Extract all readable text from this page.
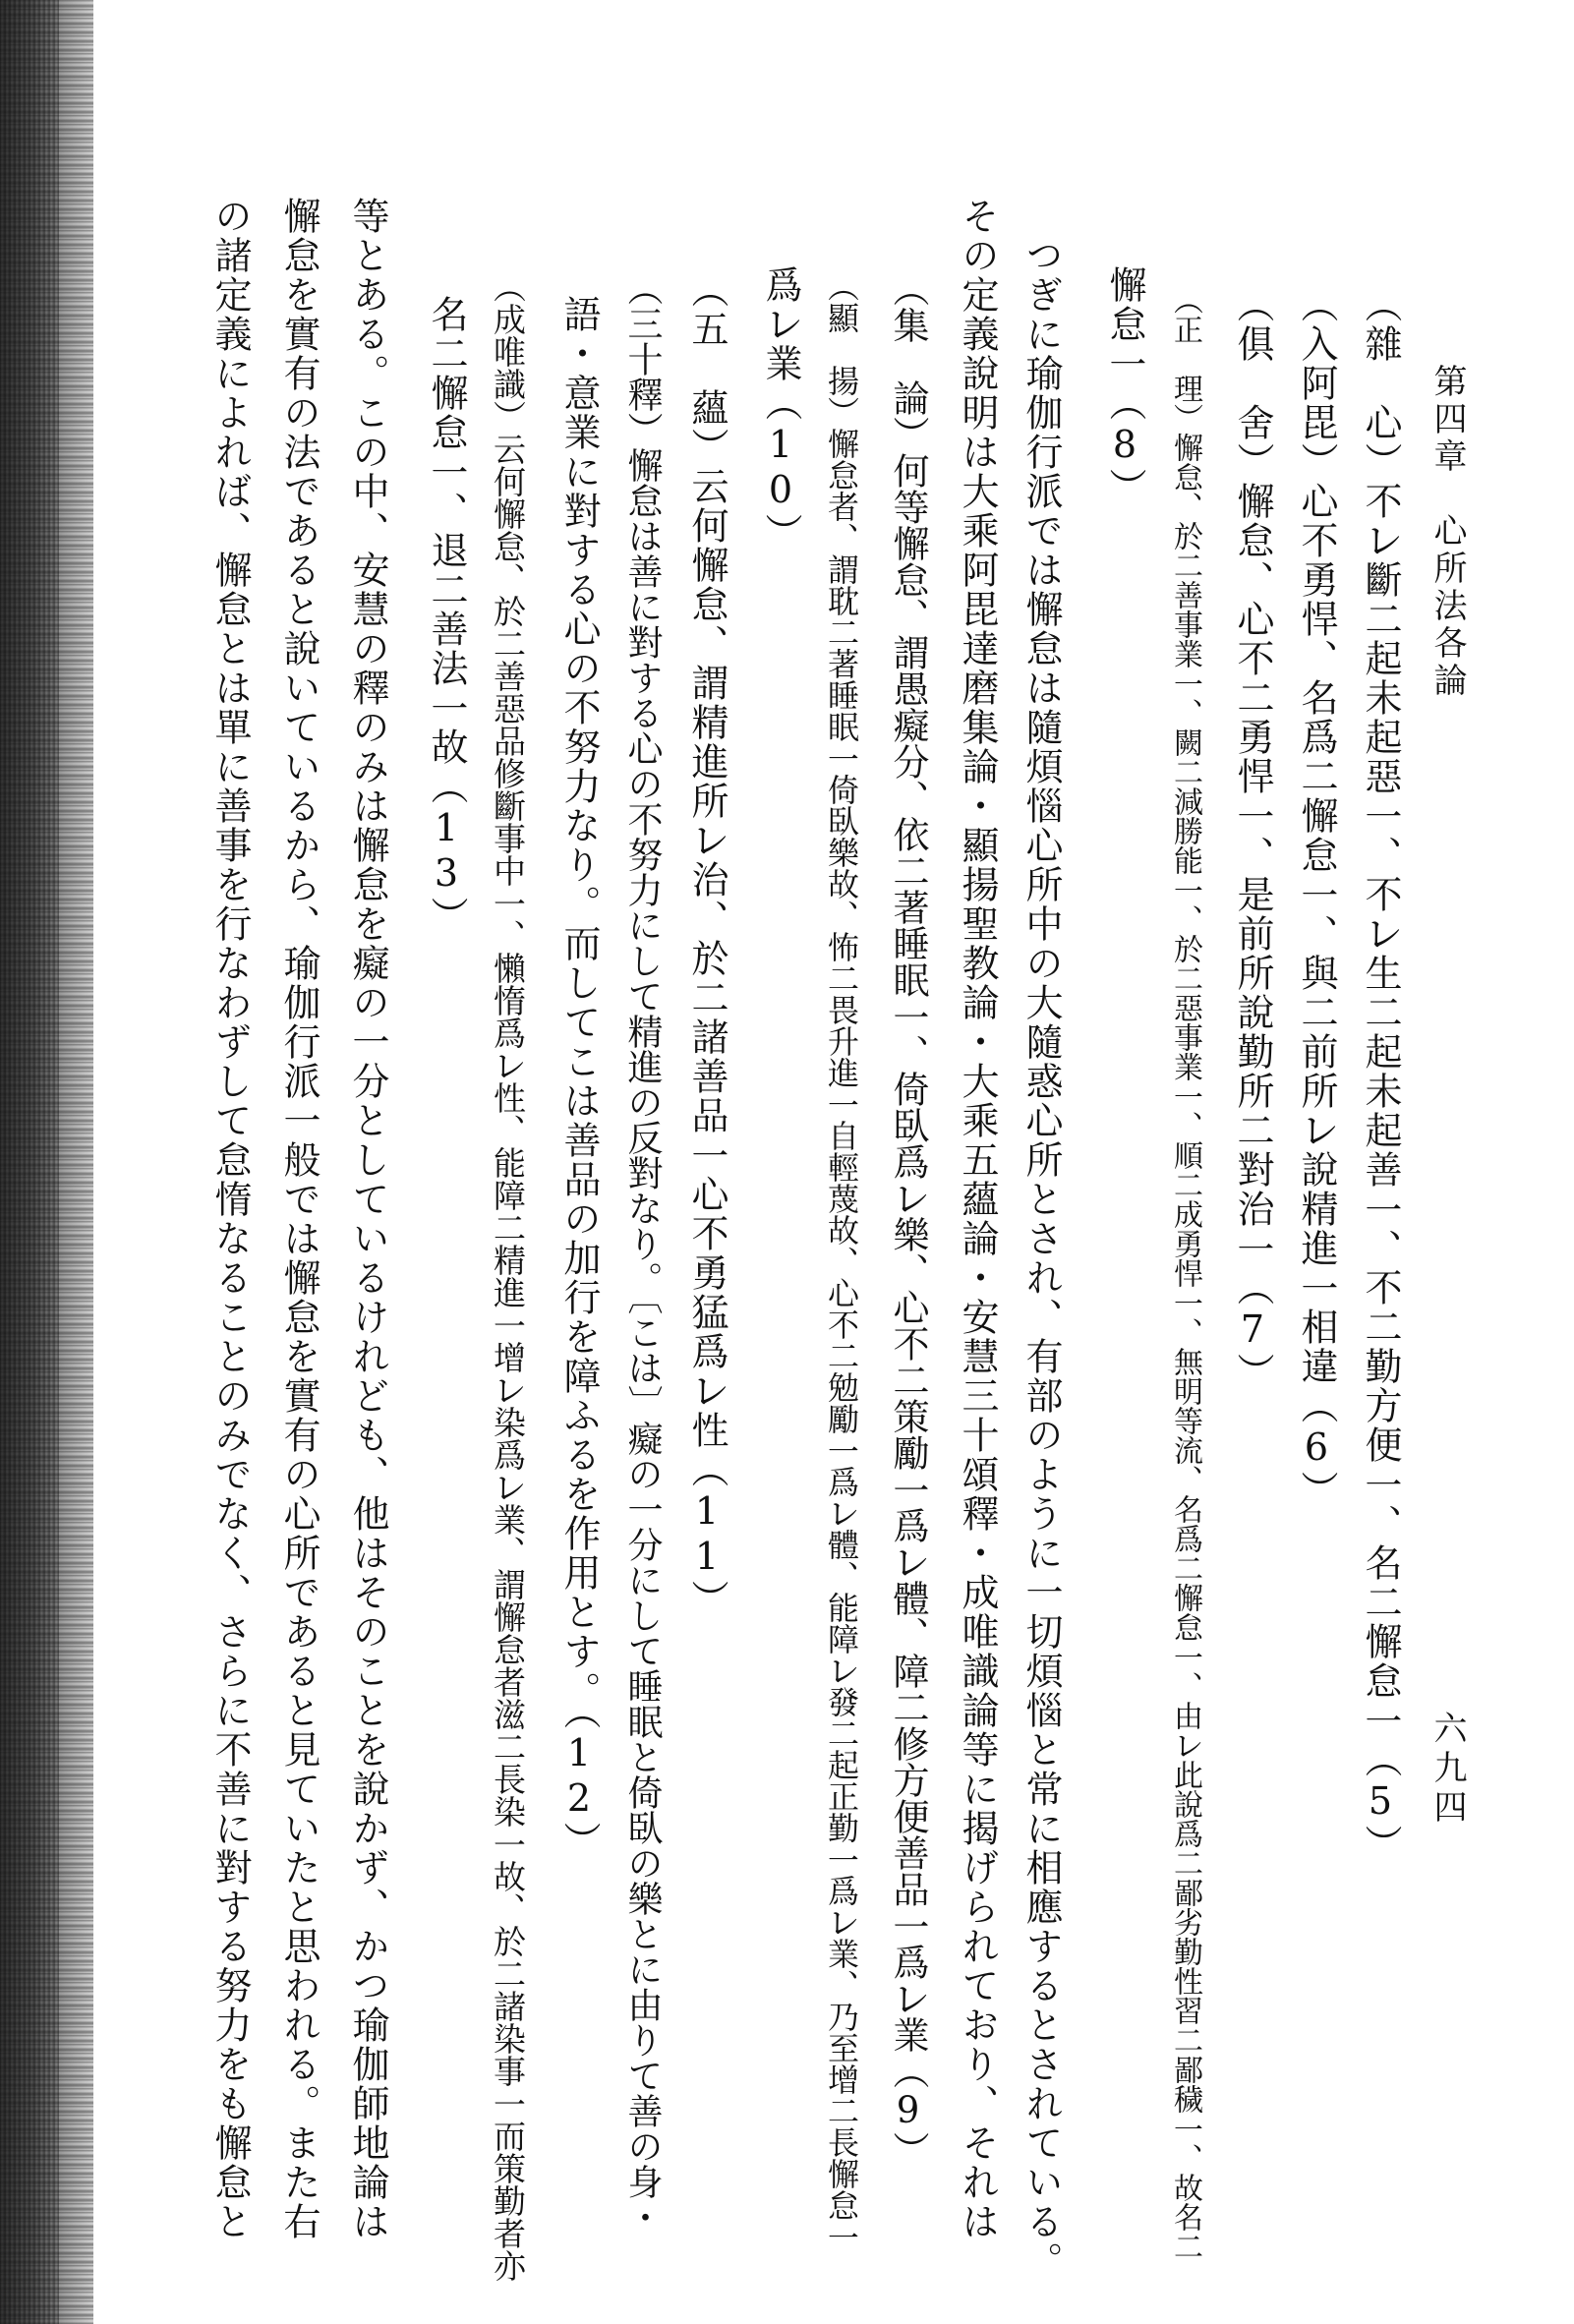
第四章　心所法各論
六九四
（雜　心）不㆑斷㆓起未起惡㆒、不㆑生㆓起未起善㆒、不㆓勤方便㆒、名㆓懈怠㆒（5）
（入阿毘）心不勇悍、名爲㆓懈怠㆒、與㆓前所㆑說精進㆒相違（6）
（俱　舍）懈怠、心不㆓勇悍㆒、是前所說勤所㆓對治㆒（7）
（正　理）懈怠、於㆓善事業㆒、闕㆓減勝能㆒、於㆓惡事業㆒、順㆓成勇悍㆒、無明等流、名爲㆓懈怠㆒、由㆑此說爲㆓鄙劣勤性習㆓鄙穢㆒、故名㆓
懈怠㆒（8）
つぎに瑜伽行派では懈怠は隨煩惱心所中の大隨惑心所とされ、有部のように一切煩惱と常に相應するとされている。
その定義說明は大乘阿毘達磨集論・顯揚聖教論・大乘五蘊論・安慧三十頌釋・成唯識論等に揭げられており、それは
（集　論）何等懈怠、謂愚癡分、依㆓著睡眠㆒、倚臥爲㆑樂、心不㆓策勵㆒爲㆑體、障㆓修方便善品㆒爲㆑業（9）
（顯　揚）懈怠者、謂耽㆓著睡眠㆒倚臥樂故、怖㆓畏升進㆒自輕蔑故、心不㆓勉勵㆒爲㆑體、能障㆑發㆓起正勤㆒爲㆑業、乃至增㆓長懈怠㆒
爲㆑業（10）
（五　蘊）云何懈怠、謂精進所㆑治、於㆓諸善品㆒心不勇猛爲㆑性（11）
（三十釋）懈怠は善に對する心の不努力にして精進の反對なり。〔こは〕癡の一分にして睡眠と倚臥の樂とに由りて善の身・
語・意業に對する心の不努力なり。而してこは善品の加行を障ふるを作用とす。（12）
（成唯識）云何懈怠、於㆓善惡品修斷事中㆒、懶惰爲㆑性、能障㆓精進㆒增㆑染爲㆑業、謂懈怠者滋㆓長染㆒故、於㆓諸染事㆒而策勤者亦
名㆓懈怠㆒、退㆓善法㆒故（13）
等とある。この中、安慧の釋のみは懈怠を癡の一分としているけれども、他はそのことを說かず、かつ瑜伽師地論は
懈怠を實有の法であると說いているから、瑜伽行派一般では懈怠を實有の心所であると見ていたと思われる。また右
の諸定義によれば、懈怠とは單に善事を行なわずして怠惰なることのみでなく、さらに不善に對する努力をも懈怠と
